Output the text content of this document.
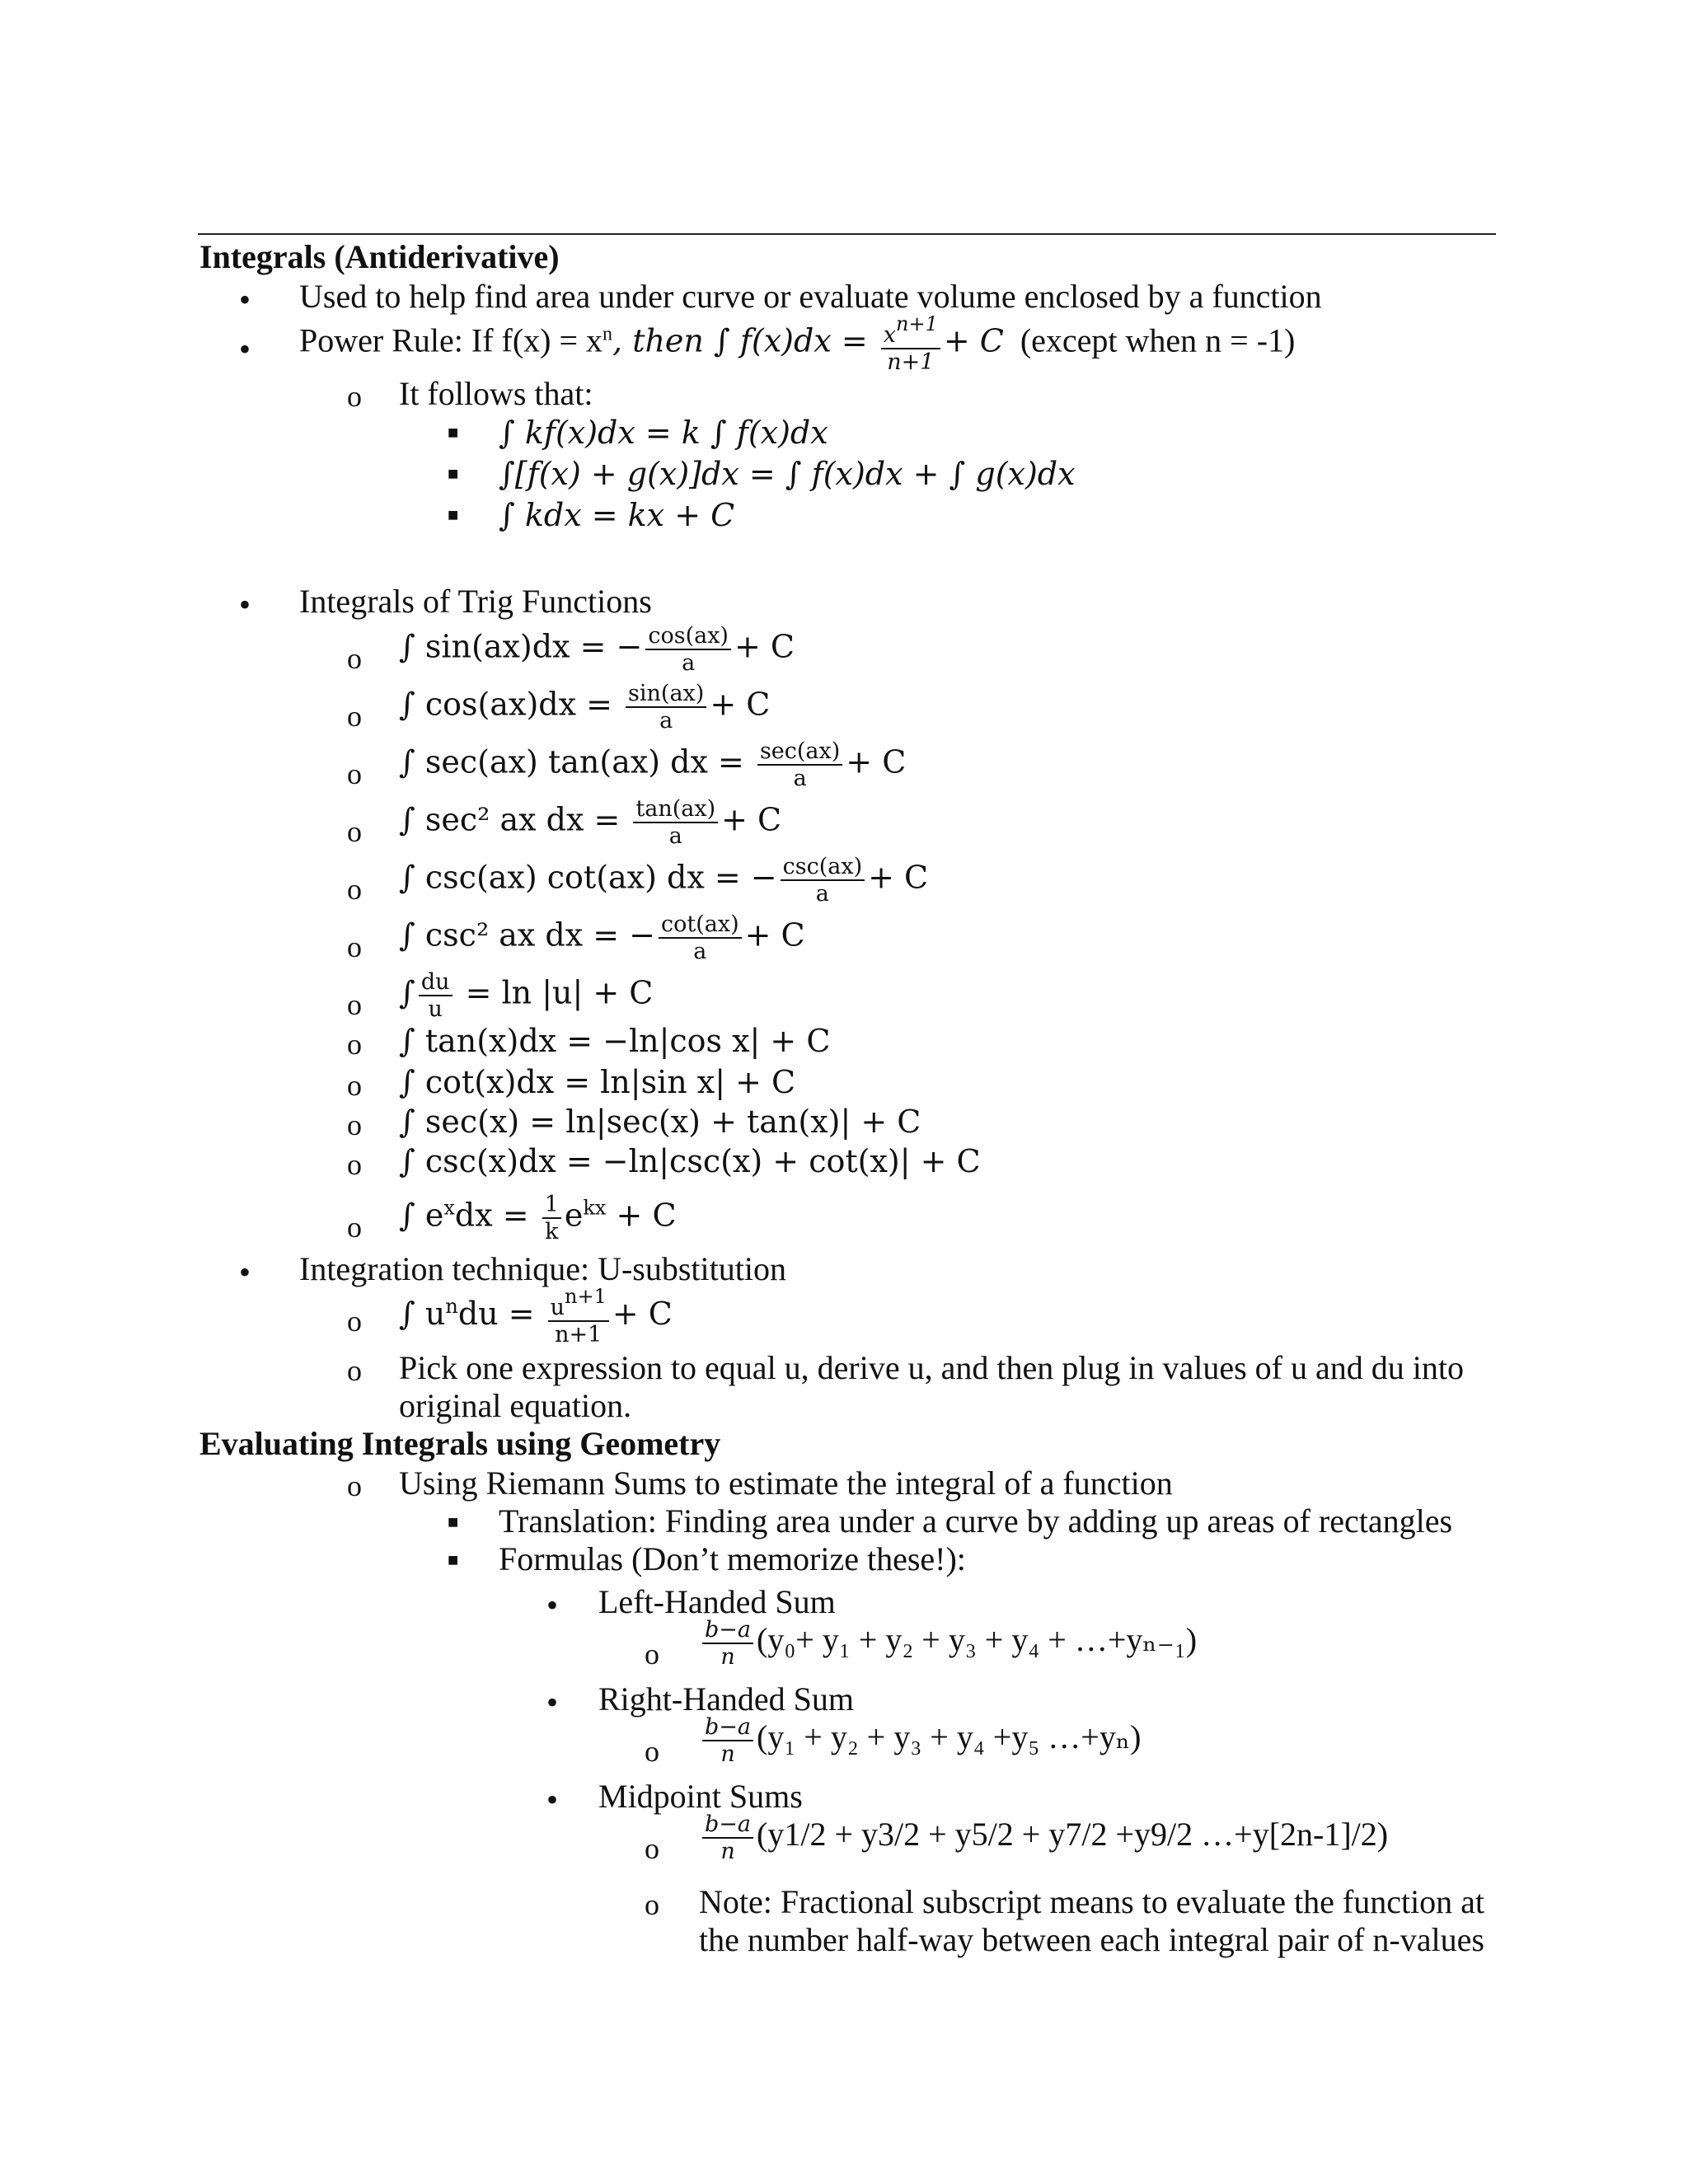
Integrals (Antiderivative)
• Used to help find area under curve or evaluate volume enclosed by a function
• Power Rule: If $f(x) = x^n$, then ∫ $f(x)dx = \frac{x^{n+1}}{n+1} + C$ (except when n = -1)
o It follows that:
■ ∫ kf(x)dx = k ∫ f(x)dx
■ ∫[f(x) + g(x)]dx = ∫ f(x)dx + ∫ g(x)dx
■ ∫ kdx = kx + C
• Integrals of Trig Functions
o ∫ sin(ax)dx = − $\frac{\cos(ax)}{a} + C$
o ∫ $\cos(ax)dx = \frac{\sin(ax)}{a} + C$
o ∫ sec(ax) tan(ax) dx = $\frac{\sec(ax)}{a} + C$
o ∫ sec² ax dx = $\frac{\tan(ax)}{a} + C$
o ∫ csc(ax) cot(ax) dx = − $\frac{\csc(ax)}{a} + C$
o ∫ csc² ax dx = − $\frac{\cot(ax)}{a} + C$
o ∫ $\frac{du}{u} = \ln |u| + C$
o ∫ tan(x)dx = −ln|cos x| + C
o ∫ cot(x)dx = ln|sin x| + C
o ∫ sec(x) = ln|sec(x) + tan(x)| + C
o ∫ csc(x)dx = −ln|csc(x) + cot(x)| + C
o ∫ $e^xdx = \frac{1}{k} e^{kx} + C$
• Integration technique: U-substitution
o ∫ $u^ndu = \frac{u^{n+1}}{n+1} + C$
o Pick one expression to equal u, derive u, and then plug in values of u and du into
original equation.
Evaluating Integrals using Geometry
o Using Riemann Sums to estimate the integral of a function
■ Translation: Finding area under a curve by adding up areas of rectangles
■ Formulas (Don’t memorize these!):
• Left-Handed Sum
o $\frac{b-a}{n} (y_0+ y_1 + y_2 + y_3 + y_4$ + …+yₙ₋₁)
• Right-Handed Sum
o $\frac{b-a}{n} (y_1 + y_2 + y_3 + y_4 +y_5$ …+yₙ)
• Midpoint Sums
o $\frac{b-a}{n} (y1/2 + y3/2 + y5/2 + y7/2 +y9/2$ …+y[2n-1]/2)
o Note: Fractional subscript means to evaluate the function at
the number half-way between each integral pair of n-values
